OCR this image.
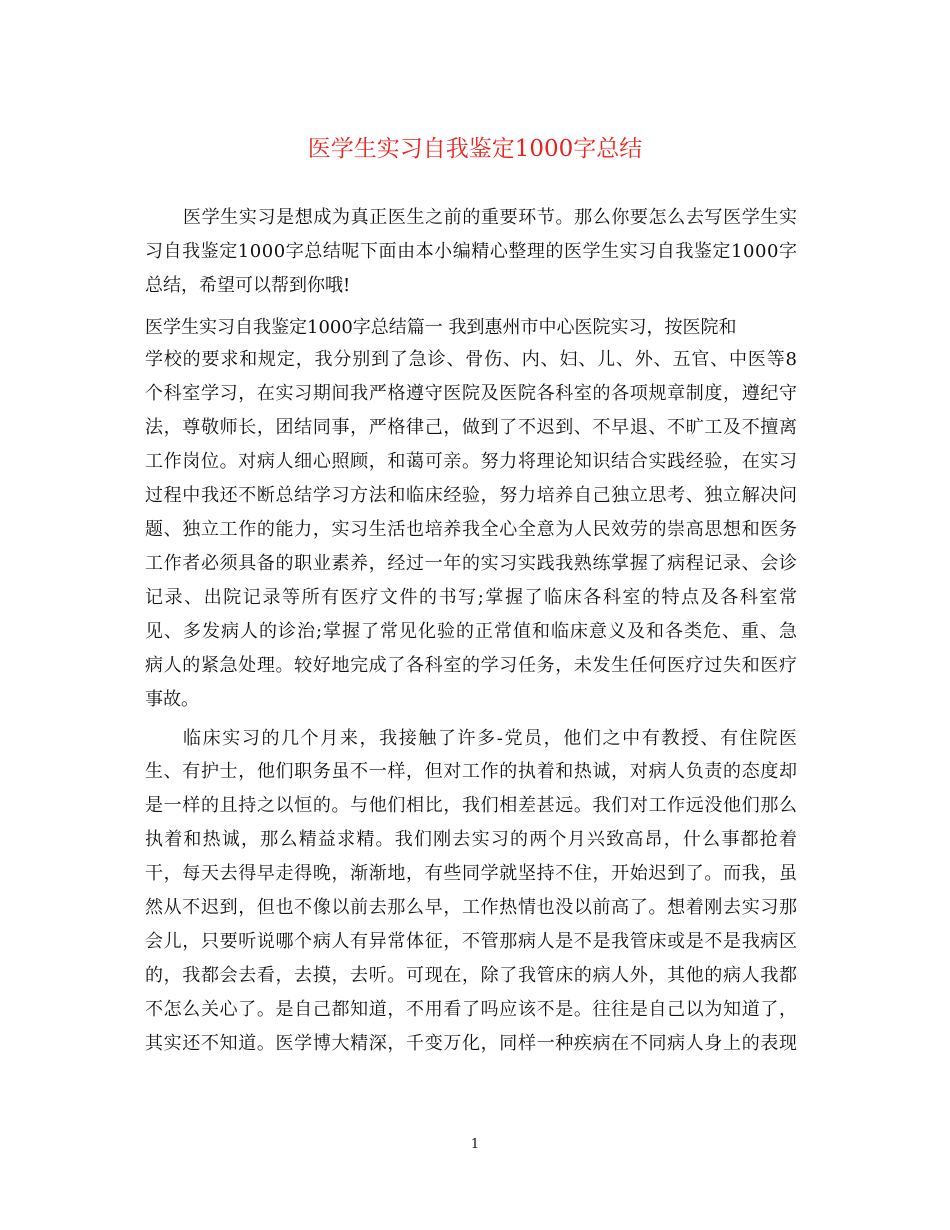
医学生实习自我鉴定1000字总结
医学生实习是想成为真正医生之前的重要环节。那么你要怎么去写医学生实
习自我鉴定1000字总结呢下面由本小编精心整理的医学生实习自我鉴定1000字
总结，希望可以帮到你哦!
医学生实习自我鉴定1000字总结篇一 我到惠州市中心医院实习，按医院和
学校的要求和规定，我分别到了急诊、骨伤、内、妇、儿、外、五官、中医等8
个科室学习，在实习期间我严格遵守医院及医院各科室的各项规章制度，遵纪守
法，尊敬师长，团结同事，严格律己，做到了不迟到、不早退、不旷工及不擅离
工作岗位。对病人细心照顾，和蔼可亲。努力将理论知识结合实践经验，在实习
过程中我还不断总结学习方法和临床经验，努力培养自己独立思考、独立解决问
题、独立工作的能力，实习生活也培养我全心全意为人民效劳的崇高思想和医务
工作者必须具备的职业素养，经过一年的实习实践我熟练掌握了病程记录、会诊
记录、出院记录等所有医疗文件的书写;掌握了临床各科室的特点及各科室常
见、多发病人的诊治;掌握了常见化验的正常值和临床意义及和各类危、重、急
病人的紧急处理。较好地完成了各科室的学习任务，未发生任何医疗过失和医疗
事故。
临床实习的几个月来，我接触了许多-党员，他们之中有教授、有住院医
生、有护士，他们职务虽不一样，但对工作的执着和热诚，对病人负责的态度却
是一样的且持之以恒的。与他们相比，我们相差甚远。我们对工作远没他们那么
执着和热诚，那么精益求精。我们刚去实习的两个月兴致高昂，什么事都抢着
干，每天去得早走得晚，渐渐地，有些同学就坚持不住，开始迟到了。而我，虽
然从不迟到，但也不像以前去那么早，工作热情也没以前高了。想着刚去实习那
会儿，只要听说哪个病人有异常体征，不管那病人是不是我管床或是不是我病区
的，我都会去看，去摸，去听。可现在，除了我管床的病人外，其他的病人我都
不怎么关心了。是自己都知道，不用看了吗应该不是。往往是自己以为知道了，
其实还不知道。医学博大精深，千变万化，同样一种疾病在不同病人身上的表现
1
